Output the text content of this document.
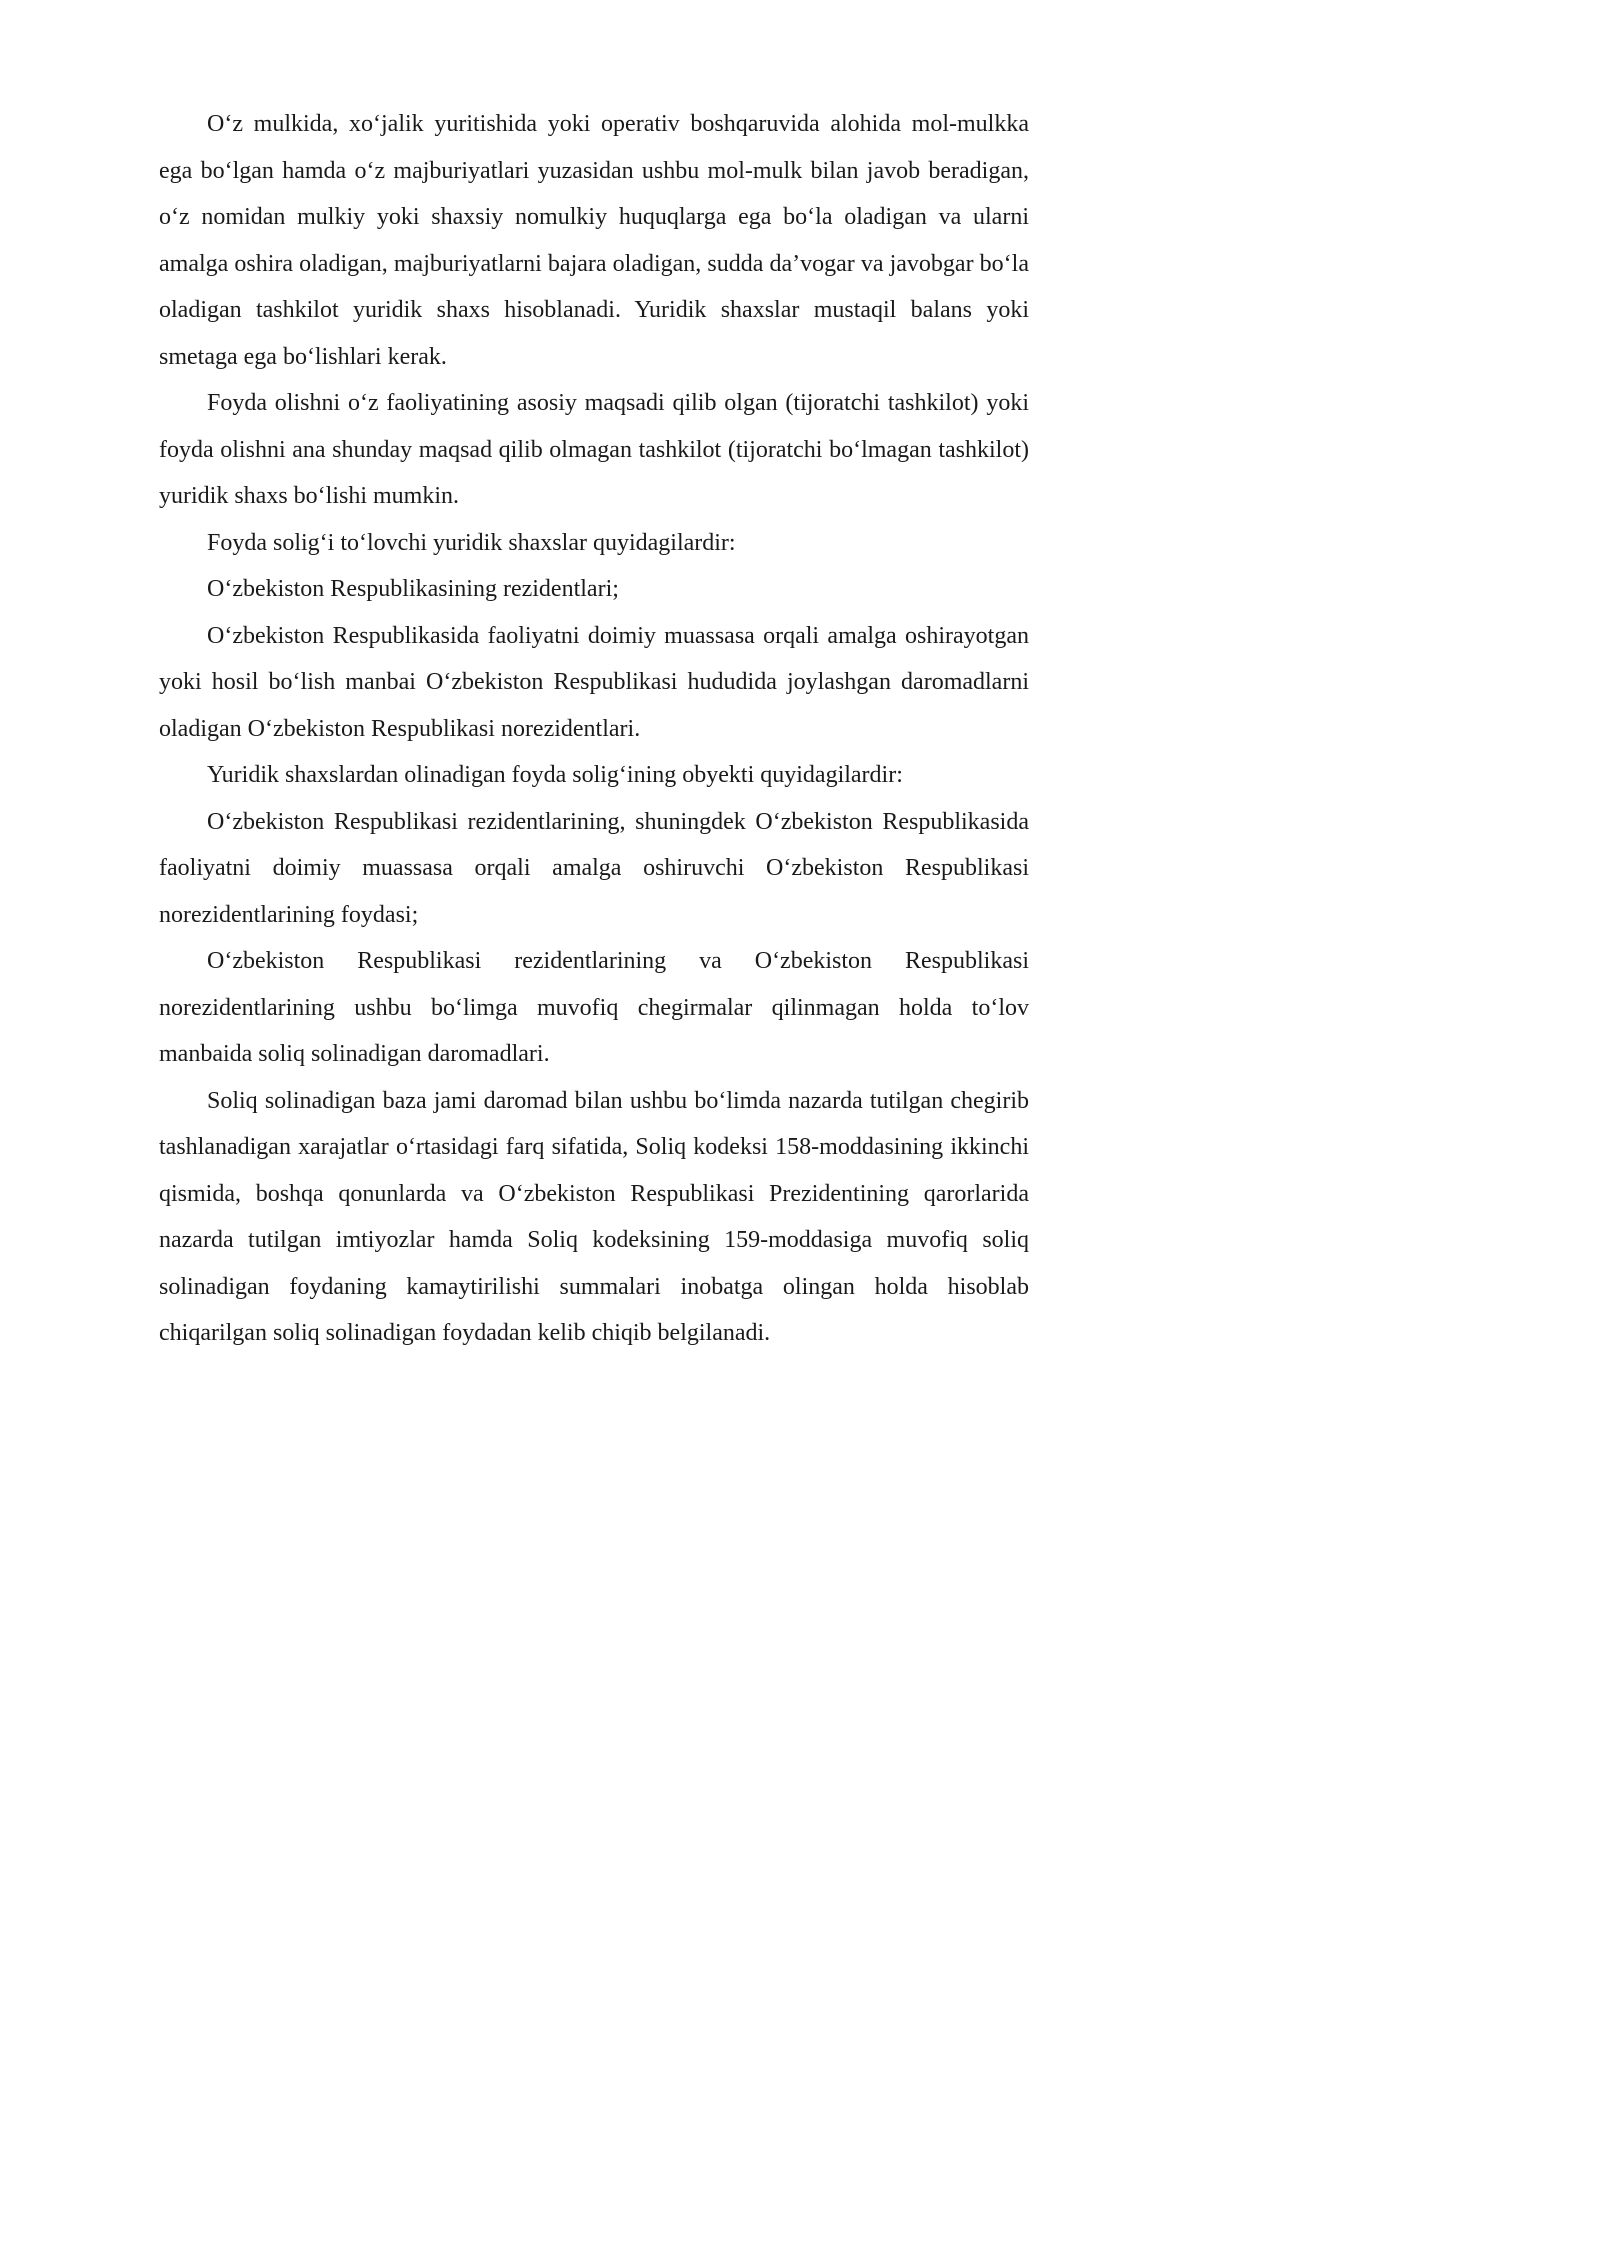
O‘z mulkida, xo‘jalik yuritishida yoki operativ boshqaruvida alohida mol-mulkka ega bo‘lgan hamda o‘z majburiyatlari yuzasidan ushbu mol-mulk bilan javob beradigan, o‘z nomidan mulkiy yoki shaxsiy nomulkiy huquqlarga ega bo‘la oladigan va ularni amalga oshira oladigan, majburiyatlarni bajara oladigan, sudda da’vogar va javobgar bo‘la oladigan tashkilot yuridik shaxs hisoblanadi. Yuridik shaxslar mustaqil balans yoki smetaga ega bo‘lishlari kerak.

Foyda olishni o‘z faoliyatining asosiy maqsadi qilib olgan (tijoratchi tashkilot) yoki foyda olishni ana shunday maqsad qilib olmagan tashkilot (tijoratchi bo‘lmagan tashkilot) yuridik shaxs bo‘lishi mumkin.

Foyda solig‘i to‘lovchi yuridik shaxslar quyidagilardir:

O‘zbekiston Respublikasining rezidentlari;

O‘zbekiston Respublikasida faoliyatni doimiy muassasa orqali amalga oshirayotgan yoki hosil bo‘lish manbai O‘zbekiston Respublikasi hududida joylashgan daromadlarni oladigan O‘zbekiston Respublikasi norezidentlari.

Yuridik shaxslardan olinadigan foyda solig‘ining obyekti quyidagilardir:

O‘zbekiston Respublikasi rezidentlarining, shuningdek O‘zbekiston Respublikasida faoliyatni doimiy muassasa orqali amalga oshiruvchi O‘zbekiston Respublikasi norezidentlarining foydasi;

O‘zbekiston Respublikasi rezidentlarining va O‘zbekiston Respublikasi norezidentlarining ushbu bo‘limga muvofiq chegirmalar qilinmagan holda to‘lov manbaida soliq solinadigan daromadlari.

Soliq solinadigan baza jami daromad bilan ushbu bo‘limda nazarda tutilgan chegirib tashlanadigan xarajatlar o‘rtasidagi farq sifatida, Soliq kodeksi 158-moddasining ikkinchi qismida, boshqa qonunlarda va O‘zbekiston Respublikasi Prezidentining qarorlarida nazarda tutilgan imtiyozlar hamda Soliq kodeksining 159-moddasiga muvofiq soliq solinadigan foydaning kamaytirilishi summalari inobatga olingan holda hisoblab chiqarilgan soliq solinadigan foydadan kelib chiqib belgilanadi.
